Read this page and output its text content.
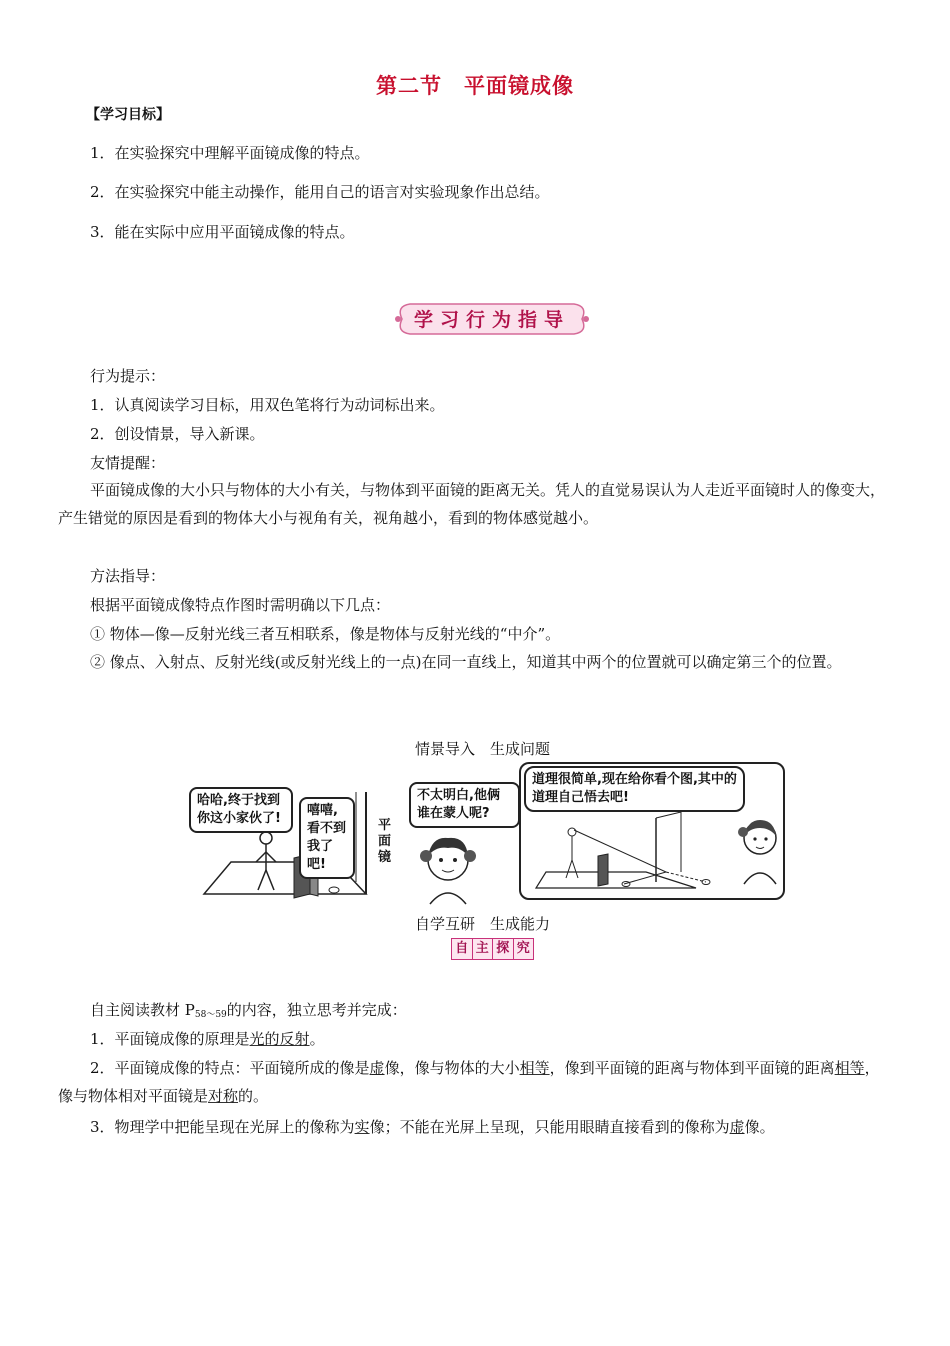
第二节 平面镜成像
【学习目标】
1．在实验探究中理解平面镜成像的特点。
2．在实验探究中能主动操作，能用自己的语言对实验现象作出总结。
3．能在实际中应用平面镜成像的特点。
学习行为指导
行为提示：
1．认真阅读学习目标，用双色笔将行为动词标出来。
2．创设情景，导入新课。
友情提醒：
平面镜成像的大小只与物体的大小有关，与物体到平面镜的距离无关。凭人的直觉易误认为人走近平面镜时人的像变大，产生错觉的原因是看到的物体大小与视角有关，视角越小，看到的物体感觉越小。
方法指导：
根据平面镜成像特点作图时需明确以下几点：
① 物体—像—反射光线三者互相联系，像是物体与反射光线的“中介”。
② 像点、入射点、反射光线(或反射光线上的一点)在同一直线上，知道其中两个的位置就可以确定第三个的位置。
情景导入　生成问题
哈哈,终于找到你这小家伙了!
嘻嘻,看不到我了吧!
平面镜
不太明白,他俩谁在蒙人呢?
道理很简单,现在给你看个图,其中的道理自己悟去吧!
自学互研　生成能力
自 主 探 究
自主阅读教材 $P_{58\sim 59}$的内容，独立思考并完成：
1．平面镜成像的原理是光的反射。
2．平面镜成像的特点：平面镜所成的像是虚像，像与物体的大小相等，像到平面镜的距离与物体到平面镜的距离相等，像与物体相对平面镜是对称的。
3．物理学中把能呈现在光屏上的像称为实像；不能在光屏上呈现，只能用眼睛直接看到的像称为虚像。
